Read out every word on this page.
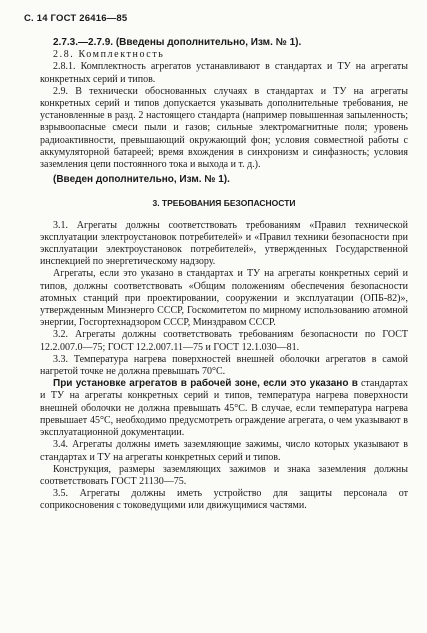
С. 14 ГОСТ 26416—85

2.7.3.—2.7.9. (Введены дополнительно, Изм. № 1).

2.8. Комплектность

2.8.1. Комплектность агрегатов устанавливают в стандартах и ТУ на агрегаты конкретных серий и типов.

2.9. В технически обоснованных случаях в стандартах и ТУ на агрегаты конкретных серий и типов допускается указывать дополнительные требования, не установленные в разд. 2 настоящего стандарта (например повышенная запыленность; взрывоопасные смеси пыли и газов; сильные электромагнитные поля; уровень радиоактивности, превышающий окружающий фон; условия совместной работы с аккумуляторной батареей; время вхождения в синхронизм и синфазность; условия заземления цепи постоянного тока и выхода и т. д.).

(Введен дополнительно, Изм. № 1).

3. ТРЕБОВАНИЯ БЕЗОПАСНОСТИ

3.1. Агрегаты должны соответствовать требованиям «Правил технической эксплуатации электроустановок потребителей» и «Правил техники безопасности при эксплуатации электроустановок потребителей», утвержденных Государственной инспекцией по энергетическому надзору.

Агрегаты, если это указано в стандартах и ТУ на агрегаты конкретных серий и типов, должны соответствовать «Общим положениям обеспечения безопасности атомных станций при проектировании, сооружении и эксплуатации (ОПБ-82)», утвержденным Минэнерго СССР, Госкомитетом по мирному использованию атомной энергии, Госгортехнадзором СССР, Минздравом СССР.

3.2. Агрегаты должны соответствовать требованиям безопасности по ГОСТ 12.2.007.0—75; ГОСТ 12.2.007.11—75 и ГОСТ 12.1.030—81.

3.3. Температура нагрева поверхностей внешней оболочки агрегатов в самой нагретой точке не должна превышать 70°С.

При установке агрегатов в рабочей зоне, если это указано в стандартах и ТУ на агрегаты конкретных серий и типов, температура нагрева поверхности внешней оболочки не должна превышать 45°С. В случае, если температура нагрева превышает 45°С, необходимо предусмотреть ограждение агрегата, о чем указывают в эксплуатационной документации.

3.4. Агрегаты должны иметь заземляющие зажимы, число которых указывают в стандартах и ТУ на агрегаты конкретных серий и типов.

Конструкция, размеры заземляющих зажимов и знака заземления должны соответствовать ГОСТ 21130—75.

3.5. Агрегаты должны иметь устройство для защиты персонала от соприкосновения с токоведущими или движущимися частями.
